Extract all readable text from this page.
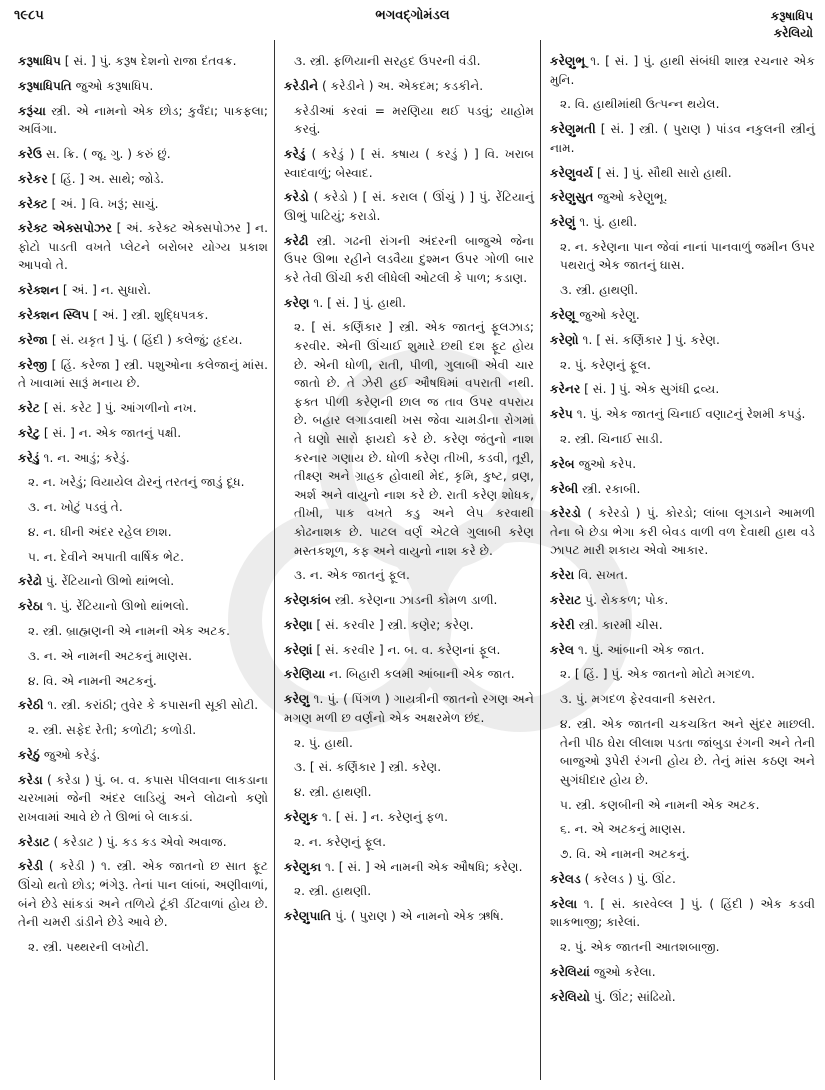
૧૯૮૫	ભગવદ્ગોમંડલ	કરૂષાધિપ
કરેલિયો
કરૂષાધિપ [ સં. ] પું. કરૂષ દેશનો રાજા દંતવક્ર.
કરૂષાધિપતિ જુઓ કરૂષાધિપ.
કરૂંચા સ્ત્રી. એ નામનો એક છોડ; કુર્વંદા; પાકફલા; અવિંગા.
કરેઉ સ. ક્રિ. ( જૂ. ગુ. ) કરું છું.
કરેકર [ હિં. ] અ. સાથે; જોડે.
કરેક્ટ [ અં. ] વિ. ખરૂં; સાચું.
કરેક્ટ એક્સપોઝર [ અં. કરેક્ટ એક્સપોઝર ] ન. ફોટો પાડતી વખતે પ્લેટને બરોબર યોગ્ય પ્રકાશ આપવો તે.
કરેક્શન [ અં. ] ન. સુધારો.
કરેક્શન સ્લિપ [ અં. ] સ્ત્રી. શુદ્ધિપત્રક.
કરેજા [ સં. યકૃત ] પું. ( હિંદી ) કલેજું; હૃદય.
કરેજી [ હિં. કરેજા ] સ્ત્રી. પશુઓના કલેજાનું માંસ. તે ખાવામાં સારૂં મનાય છે.
કરેટ [ સં. કરેટ ] પું. આંગળીનો નખ.
કરેટુ [ સં. ] ન. એક જાતનું પક્ષી.
કરેડું ૧. ન. આડું; કરેડું.
૨. ન. ખરેડું; વિયાયેલ ઢોરનું તરતનું જાડું દૂધ.
૩. ન. ખોટું પડવું તે.
૪. ન. ઘીની અંદર રહેલ છાશ.
૫. ન. દેવીને અપાતી વાર્ષિક ભેટ.
કરેઢો પું. રેંટિયાનો ઊભો થાંભલો.
કરેઠા ૧. પું. રેંટિયાનો ઊભો થાંભલો.
૨. સ્ત્રી. બ્રાહ્મણની એ નામની એક અટક.
૩. ન. એ નામની અટકનું માણસ.
૪. વિ. એ નામની અટકનું.
કરેઠી ૧. સ્ત્રી. કરાંઠી; તુવેર કે કપાસની સૂકી સોટી.
૨. સ્ત્રી. સફેદ રેતી; કળોટી; કળોડી.
કરેઠું જુઓ કરેડું.
કરેડા ( કરેડા ) પું. બ. વ. કપાસ પીલવાના લાકડાના ચરખામાં જેની અંદર લાડિયું અને લોઢાનો કણો રાખવામાં આવે છે તે ઊભાં બે લાકડાં.
કરેડાટ ( કરેડાટ ) પું. કડ કડ એવો અવાજ.
કરેડી ( કરેડી ) ૧. સ્ત્રી. એક જાતનો છ સાત ફૂટ ઊંચો થતો છોડ; ભંગેરૂ. તેનાં પાન લાંબાં, અણીવાળાં, બંને છેડે સાંકડાં અને તળિયે ટૂંકી ડીંટવાળાં હોય છે. તેની ચમરી ડાંડીને છેડે આવે છે.
૨. સ્ત્રી. પથ્થરની લખોટી.
૩. સ્ત્રી. ફળિયાની સરહદ ઉપરની વંડી.
કરેડીને ( કરેડીને ) અ. એકદમ; કડકીને.
કરેડીઆં કરવાં = મરણિયા થઈ પડવું; યાહોમ કરવું.
કરેડું ( કરેડું ) [ સં. કષાય ( કરડું ) ] વિ. ખરાબ સ્વાદવાળું; બેસ્વાદ.
કરેડો ( કરેડો ) [ સં. કરાલ ( ઊંચું ) ] પું. રેંટિયાનું ઊભું પાટિયું; કરાડો.
કરેઢી સ્ત્રી. ગઢની રાંગની અંદરની બાજુએ જેના ઉપર ઊભા રહીને લડવૈયા દુશ્મન ઉપર ગોળી બાર કરે તેવી ઊંચી કરી લીધેલી ઓટલી કે પાળ; કડાણ.
કરેણ ૧. [ સં. ] પું. હાથી.
૨. [ સં. કર્ણિકાર ] સ્ત્રી. એક જાતનું ફૂલઝાડ; કરવીર. એની ઊંચાઈ શુમારે છથી દશ ફૂટ હોય છે. એની ધોળી, રાતી, પીળી, ગુલાબી એવી ચાર જાતો છે. તે ઝેરી હઈ ઔષધિમાં વપરાતી નથી. ફક્ત પીળી કરેણની છાલ જ તાવ ઉપર વપરાય છે. બહાર લગાડવાથી ખસ જેવા ચામડીના રોગમાં તે ઘણો સારો ફાયદો કરે છે. કરેણ જંતુનો નાશ કરનાર ગણાય છે. ધોળી કરેણ તીખી, કડવી, તૂરી, તીક્ષ્ણ અને ગ્રાહક હોવાથી મેદ, કૃમિ, કુષ્ટ, વ્રણ, અર્શ અને વાયુનો નાશ કરે છે. રાતી કરેણ શોધક, તીખી, પાક વખતે કડુ અને લેપ કરવાથી કોઢનાશક છે. પાટલ વર્ણ એટલે ગુલાબી કરેણ મસ્તકશૂળ, કફ અને વાયુનો નાશ કરે છે.
૩. ન. એક જાતનું ફૂલ.
કરેણકાંબ સ્ત્રી. કરેણના ઝાડની કોમળ ડાળી.
કરેણા [ સં. કરવીર ] સ્ત્રી. કણેર; કરેણ.
કરેણાં [ સં. કરવીર ] ન. બ. વ. કરેણનાં ફૂલ.
કરેણિયા ન. બિહારી કલમી આંબાની એક જાત.
કરેણુ ૧. પું. ( પિંગળ ) ગાયત્રીની જાતનો રગણ અને મગણ મળી છ વર્ણનો એક અક્ષરમેળ છંદ.
૨. પું. હાથી.
૩. [ સં. કર્ણિકાર ] સ્ત્રી. કરેણ.
૪. સ્ત્રી. હાથણી.
કરેણુક ૧. [ સં. ] ન. કરેણનું ફળ.
૨. ન. કરેણનું ફૂલ.
કરેણુકા ૧. [ સં. ] એ નામની એક ઔષધિ; કરેણ.
૨. સ્ત્રી. હાથણી.
કરેણુપાતિ પું. ( પુરાણ ) એ નામનો એક ઋષિ.
કરેણુભૂ ૧. [ સં. ] પું. હાથી સંબંધી શાસ્ત્ર રચનાર એક મુનિ.
૨. વિ. હાથીમાંથી ઉત્પન્ન થયેલ.
કરેણુમતી [ સં. ] સ્ત્રી. ( પુરાણ ) પાંડવ નકુલની સ્ત્રીનું નામ.
કરેણુવર્ય [ સં. ] પું. સૌથી સારો હાથી.
કરેણુસુત જુઓ કરેણુભૂ.
કરેણું ૧. પું. હાથી.
૨. ન. કરેણના પાન જેવાં નાનાં પાનવાળું જમીન ઉપર પથરાતું એક જાતનું ઘાસ.
૩. સ્ત્રી. હાથણી.
કરેણૂ જુઓ કરેણુ.
કરેણો ૧. [ સં. કર્ણિકાર ] પું. કરેણ.
૨. પું. કરેણનું ફૂલ.
કરેનર [ સં. ] પું. એક સુગંધી દ્રવ્ય.
કરેપ ૧. પું. એક જાતનું ચિનાઈ વણાટનું રેશમી કપડું.
૨. સ્ત્રી. ચિનાઈ સાડી.
કરેબ જુઓ કરેપ.
કરેબી સ્ત્રી. રકાબી.
કરેરડો ( કરેરડો ) પું. કોરડો; લાંબા લૂગડાને આમળી તેના બે છેડા ભેગા કરી બેવડ વાળી વળ દેવાથી હાથ વડે ઝાપટ મારી શકાય એવો આકાર.
કરેરા વિ. સખત.
કરેરાટ પું. રોકકળ; પોક.
કરેરી સ્ત્રી. કારમી ચીસ.
કરેલ ૧. પું. આંબાની એક જાત.
૨. [ હિં. ] પું. એક જાતનો મોટો મગદળ.
૩. પું. મગદળ ફેરવવાની કસરત.
૪. સ્ત્રી. એક જાતની ચકચકિત અને સુંદર માછલી. તેની પીઠ ઘેરા લીલાશ પડતા જાંબુડા રંગની અને તેની બાજુઓ રૂપેરી રંગની હોય છે. તેનું માંસ કઠણ અને સુગંધીદાર હોય છે.
૫. સ્ત્રી. કણબીની એ નામની એક અટક.
૬. ન. એ અટકનું માણસ.
૭. વિ. એ નામની અટકનું.
કરેલડ ( કરેલડ ) પું. ઊંટ.
કરેલા ૧. [ સં. કારવેલ્લ ] પું. ( હિંદી ) એક કડવી શાકભાજી; કારેલાં.
૨. પું. એક જાતની આતશબાજી.
કરેલિયાં જુઓ કરેલા.
કરેલિયો પું. ઊંટ; સાંઢિયો.
